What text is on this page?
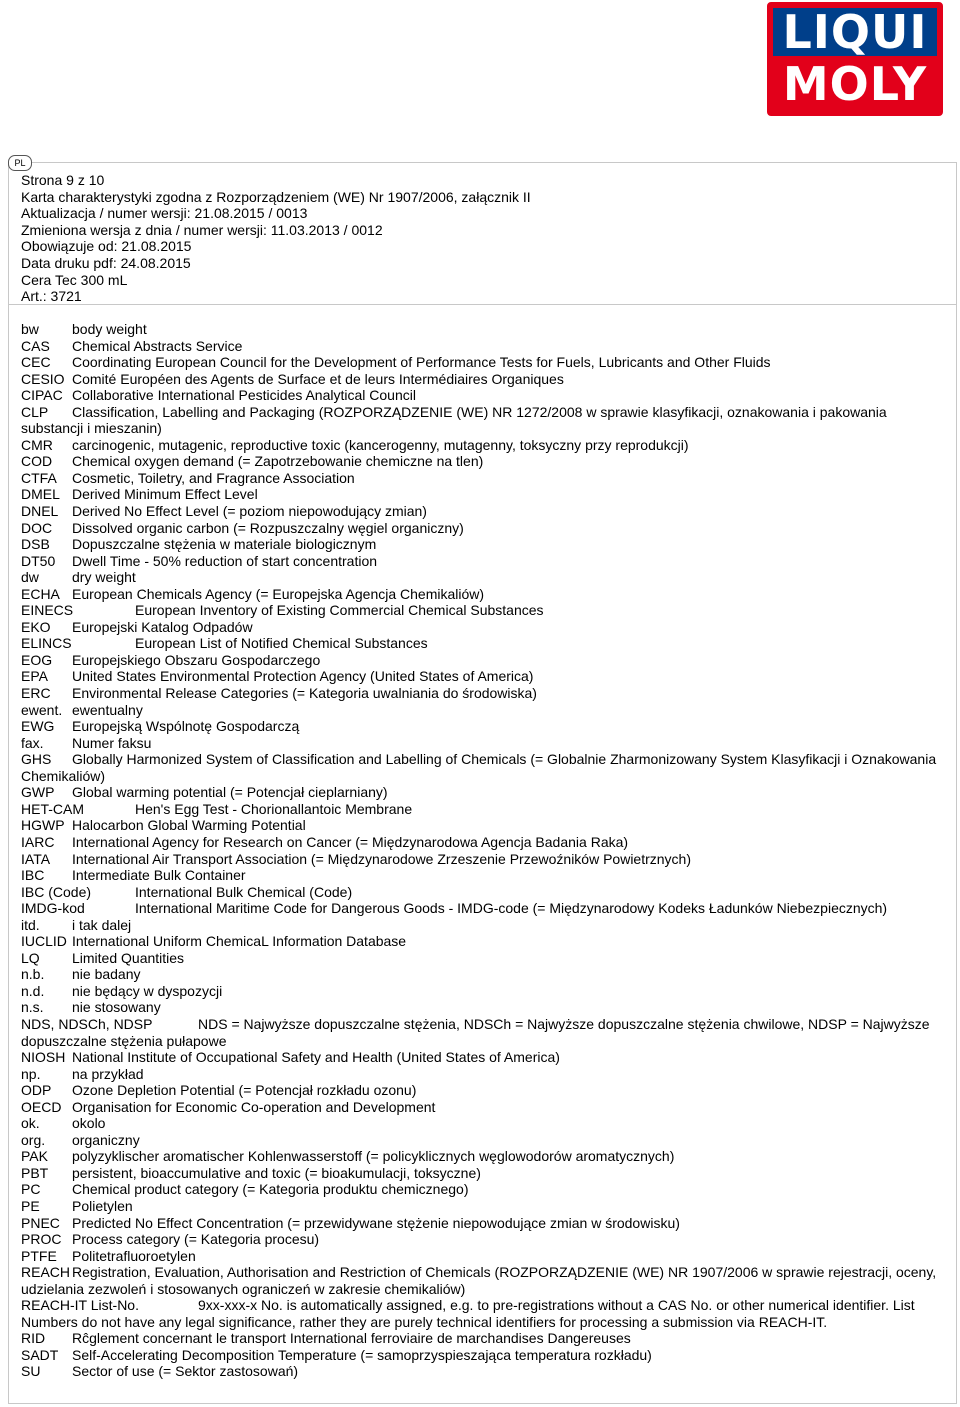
LIQUI
MOLY
PL
Strona 9 z 10
Karta charakterystyki zgodna z Rozporządzeniem (WE) Nr 1907/2006, załącznik II
Aktualizacja / numer wersji: 21.08.2015 / 0013
Zmieniona wersja z dnia / numer wersji: 11.03.2013 / 0012
Obowiązuje od: 21.08.2015
Data druku pdf: 24.08.2015
Cera Tec 300 mL
Art.: 3721
bw	body weight
CAS	Chemical Abstracts Service
CEC	Coordinating European Council for the Development of Performance Tests for Fuels, Lubricants and Other Fluids
CESIO Comité Européen des Agents de Surface et de leurs Intermédiaires Organiques
CIPAC Collaborative International Pesticides Analytical Council
CLP	Classification, Labelling and Packaging (ROZPORZĄDZENIE (WE) NR 1272/2008 w sprawie klasyfikacji, oznakowania i pakowania substancji i mieszanin)
CMR	carcinogenic, mutagenic, reproductive toxic (kancerogenny, mutagenny, toksyczny przy reprodukcji)
COD	Chemical oxygen demand (= Zapotrzebowanie chemiczne na tlen)
CTFA	Cosmetic, Toiletry, and Fragrance Association
DMEL Derived Minimum Effect Level
DNEL Derived No Effect Level (= poziom niepowodujący zmian)
DOC	Dissolved organic carbon (= Rozpuszczalny węgiel organiczny)
DSB	Dopuszczalne stężenia w materiale biologicznym
DT50	Dwell Time - 50% reduction of start concentration
dw	dry weight
ECHA European Chemicals Agency (= Europejska Agencja Chemikaliów)
EINECS	European Inventory of Existing Commercial Chemical Substances
EKO	Europejski Katalog Odpadów
ELINCS	European List of Notified Chemical Substances
EOG	Europejskiego Obszaru Gospodarczego
EPA	United States Environmental Protection Agency (United States of America)
ERC	Environmental Release Categories (= Kategoria uwalniania do środowiska)
ewent. ewentualny
EWG	Europejską Wspólnotę Gospodarczą
fax.	Numer faksu
GHS	Globally Harmonized System of Classification and Labelling of Chemicals (= Globalnie Zharmonizowany System Klasyfikacji i Oznakowania Chemikaliów)
GWP	Global warming potential (= Potencjał cieplarniany)
HET-CAM	Hen's Egg Test - Chorionallantoic Membrane
HGWP Halocarbon Global Warming Potential
IARC	International Agency for Research on Cancer (= Międzynarodowa Agencja Badania Raka)
IATA	International Air Transport Association (= Międzynarodowe Zrzeszenie Przewoźników Powietrznych)
IBC	Intermediate Bulk Container
IBC (Code)	International Bulk Chemical (Code)
IMDG-kod	International Maritime Code for Dangerous Goods - IMDG-code (= Międzynarodowy Kodeks Ładunków Niebezpiecznych)
itd.	i tak dalej
IUCLID International Uniform ChemicaL Information Database
LQ	Limited Quantities
n.b.	nie badany
n.d.	nie będący w dyspozycji
n.s.	nie stosowany
NDS, NDSCh, NDSP	NDS = Najwyższe dopuszczalne stężenia, NDSCh = Najwyższe dopuszczalne stężenia chwilowe, NDSP = Najwyższe dopuszczalne stężenia pułapowe
NIOSH National Institute of Occupational Safety and Health (United States of America)
np.	na przykład
ODP	Ozone Depletion Potential (= Potencjał rozkładu ozonu)
OECD Organisation for Economic Co-operation and Development
ok.	okolo
org.	organiczny
PAK	polyzyklischer aromatischer Kohlenwasserstoff (= policyklicznych węglowodorów aromatycznych)
PBT	persistent, bioaccumulative and toxic (= bioakumulacji, toksyczne)
PC	Chemical product category (= Kategoria produktu chemicznego)
PE	Polietylen
PNEC Predicted No Effect Concentration (= przewidywane stężenie niepowodujące zmian w środowisku)
PROC Process category (= Kategoria procesu)
PTFE	Politetrafluoroetylen
REACH Registration, Evaluation, Authorisation and Restriction of Chemicals (ROZPORZĄDZENIE (WE) NR 1907/2006 w sprawie rejestracji, oceny, udzielania zezwoleń i stosowanych ograniczeń w zakresie chemikaliów)
REACH-IT List-No.	9xx-xxx-x No. is automatically assigned, e.g. to pre-registrations without a CAS No. or other numerical identifier. List Numbers do not have any legal significance, rather they are purely technical identifiers for processing a submission via REACH-IT.
RID	Rĉglement concernant le transport International ferroviaire de marchandises Dangereuses
SADT Self-Accelerating Decomposition Temperature (= samoprzyspieszająca temperatura rozkładu)
SU	Sector of use (= Sektor zastosowań)
